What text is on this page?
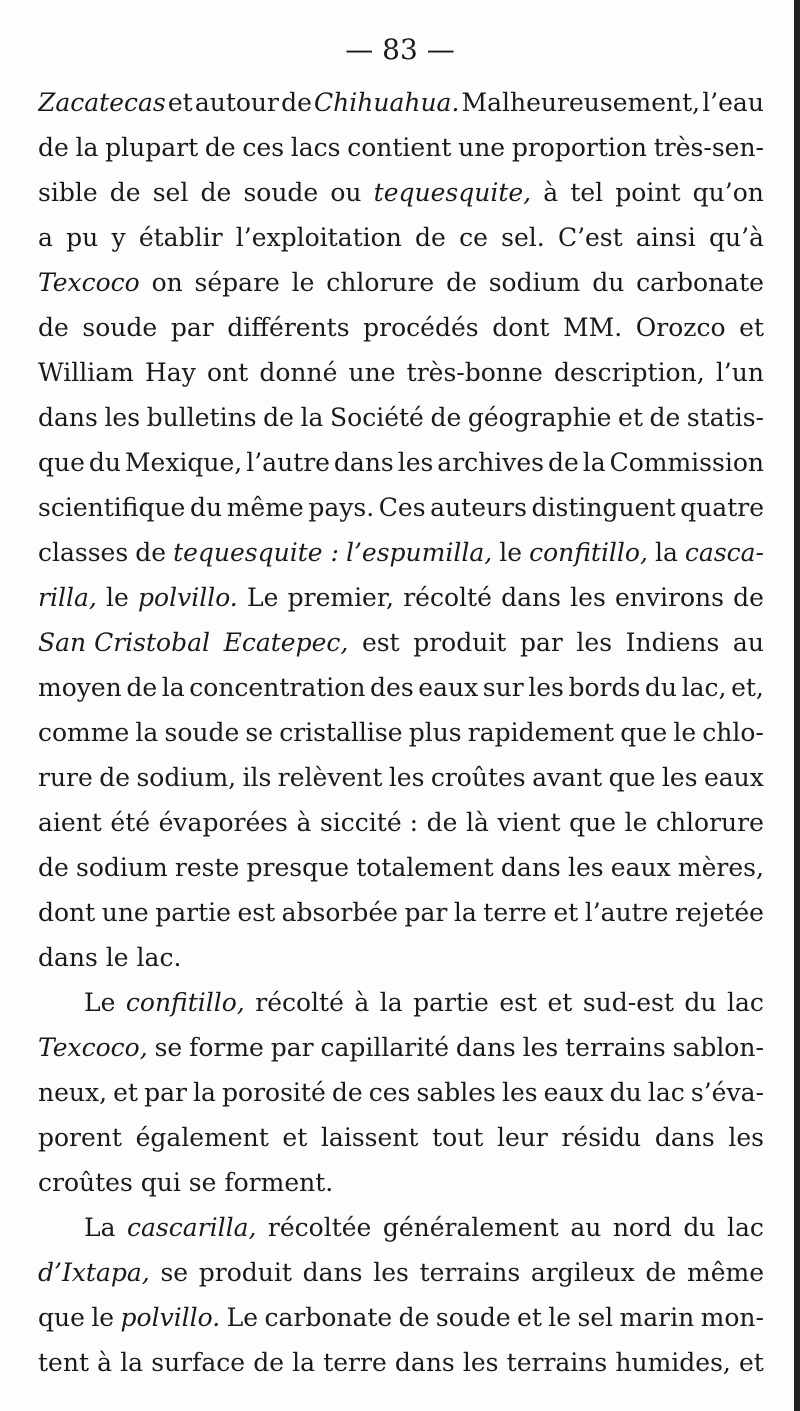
— 83 —
Zacatecas et autour de Chihuahua. Malheureusement, l’eau
de la plupart de ces lacs contient une proportion très-sen-
sible de sel de soude ou tequesquite, à tel point qu’on
a pu y établir l’exploitation de ce sel. C’est ainsi qu’à
Texcoco on sépare le chlorure de sodium du carbonate
de soude par différents procédés dont MM. Orozco et
William Hay ont donné une très-bonne description, l’un
dans les bulletins de la Société de géographie et de statis-
que du Mexique, l’autre dans les archives de la Commission
scientifique du même pays. Ces auteurs distinguent quatre
classes de tequesquite : l’espumilla, le confitillo, la casca-
rilla, le polvillo. Le premier, récolté dans les environs de
San Cristobal Ecatepec, est produit par les Indiens au
moyen de la concentration des eaux sur les bords du lac, et,
comme la soude se cristallise plus rapidement que le chlo-
rure de sodium, ils relèvent les croûtes avant que les eaux
aient été évaporées à siccité : de là vient que le chlorure
de sodium reste presque totalement dans les eaux mères,
dont une partie est absorbée par la terre et l’autre rejetée
dans le lac.
Le confitillo, récolté à la partie est et sud-est du lac
Texcoco, se forme par capillarité dans les terrains sablon-
neux, et par la porosité de ces sables les eaux du lac s’éva-
porent également et laissent tout leur résidu dans les
croûtes qui se forment.
La cascarilla, récoltée généralement au nord du lac
d’Ixtapa, se produit dans les terrains argileux de même
que le polvillo. Le carbonate de soude et le sel marin mon-
tent à la surface de la terre dans les terrains humides, et
